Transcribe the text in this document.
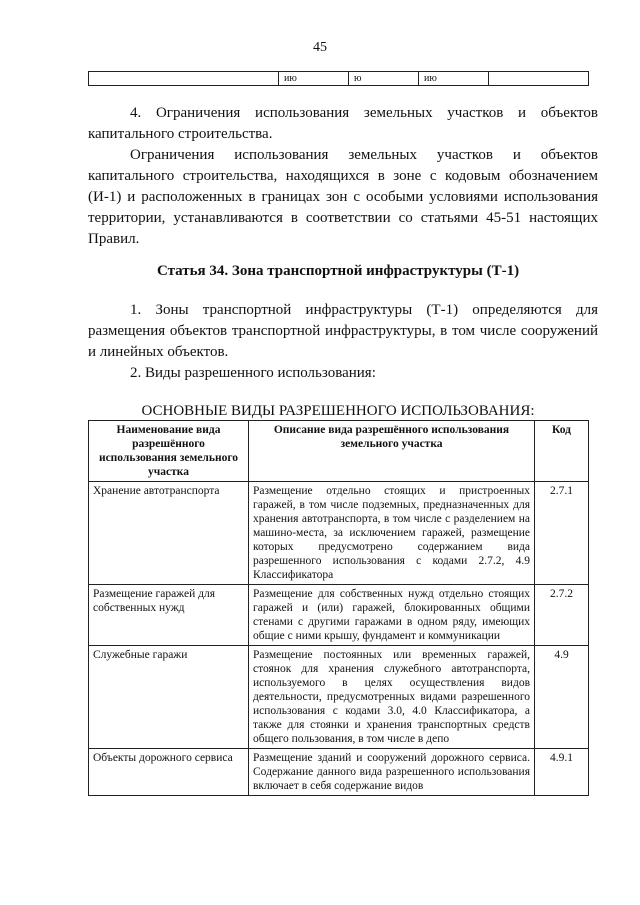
45
	ию	ю	ию	

4. Ограничения использования земельных участков и объектов капитального строительства.

Ограничения использования земельных участков и объектов капитального строительства, находящихся в зоне с кодовым обозначением (И-1) и расположенных в границах зон с особыми условиями использования территории, устанавливаются в соответствии со статьями 45-51 настоящих Правил.

Статья 34. Зона транспортной инфраструктуры (Т-1)

1. Зоны транспортной инфраструктуры (Т-1) определяются для размещения объектов транспортной инфраструктуры, в том числе сооружений и линейных объектов.

2. Виды разрешенного использования:

ОСНОВНЫЕ ВИДЫ РАЗРЕШЕННОГО ИСПОЛЬЗОВАНИЯ:

Наименование вида разрешённого использования земельного участка	Описание вида разрешённого использования земельного участка	Код
Хранение автотранспорта	Размещение отдельно стоящих и пристроенных гаражей, в том числе подземных, предназначенных для хранения автотранспорта, в том числе с разделением на машино-места, за исключением гаражей, размещение которых предусмотрено содержанием вида разрешенного использования с кодами 2.7.2, 4.9 Классификатора	2.7.1
Размещение гаражей для собственных нужд	Размещение для собственных нужд отдельно стоящих гаражей и (или) гаражей, блокированных общими стенами с другими гаражами в одном ряду, имеющих общие с ними крышу, фундамент и коммуникации	2.7.2
Служебные гаражи	Размещение постоянных или временных гаражей, стоянок для хранения служебного автотранспорта, используемого в целях осуществления видов деятельности, предусмотренных видами разрешенного использования с кодами 3.0, 4.0 Классификатора, а также для стоянки и хранения транспортных средств общего пользования, в том числе в депо	4.9
Объекты дорожного сервиса	Размещение зданий и сооружений дорожного сервиса. Содержание данного вида разрешенного использования включает в себя содержание видов	4.9.1
